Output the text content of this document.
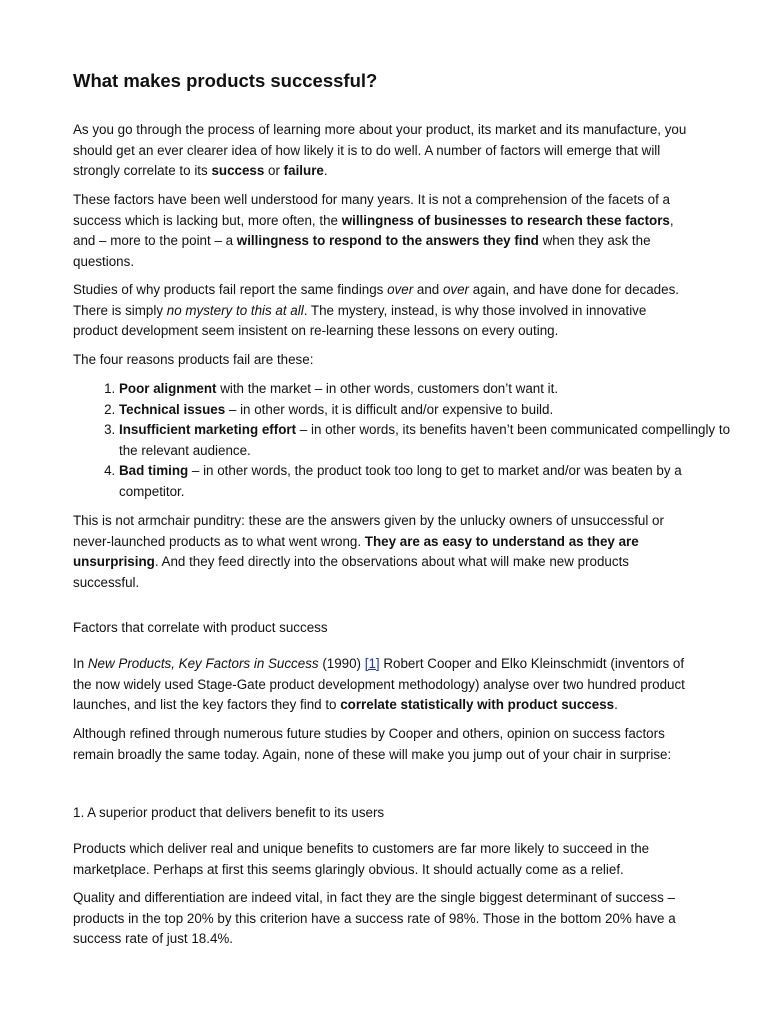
What makes products successful?

As you go through the process of learning more about your product, its market and its manufacture, you should get an ever clearer idea of how likely it is to do well. A number of factors will emerge that will strongly correlate to its success or failure.

These factors have been well understood for many years. It is not a comprehension of the facets of a success which is lacking but, more often, the willingness of businesses to research these factors, and – more to the point – a willingness to respond to the answers they find when they ask the questions.

Studies of why products fail report the same findings over and over again, and have done for decades. There is simply no mystery to this at all. The mystery, instead, is why those involved in innovative product development seem insistent on re-learning these lessons on every outing.

The four reasons products fail are these:

1. Poor alignment with the market – in other words, customers don’t want it.
2. Technical issues – in other words, it is difficult and/or expensive to build.
3. Insufficient marketing effort – in other words, its benefits haven’t been communicated compellingly to the relevant audience.
4. Bad timing – in other words, the product took too long to get to market and/or was beaten by a competitor.

This is not armchair punditry: these are the answers given by the unlucky owners of unsuccessful or never-launched products as to what went wrong. They are as easy to understand as they are unsurprising. And they feed directly into the observations about what will make new products successful.

Factors that correlate with product success

In New Products, Key Factors in Success (1990) [1] Robert Cooper and Elko Kleinschmidt (inventors of the now widely used Stage-Gate product development methodology) analyse over two hundred product launches, and list the key factors they find to correlate statistically with product success.

Although refined through numerous future studies by Cooper and others, opinion on success factors remain broadly the same today. Again, none of these will make you jump out of your chair in surprise:

1. A superior product that delivers benefit to its users

Products which deliver real and unique benefits to customers are far more likely to succeed in the marketplace. Perhaps at first this seems glaringly obvious. It should actually come as a relief.

Quality and differentiation are indeed vital, in fact they are the single biggest determinant of success – products in the top 20% by this criterion have a success rate of 98%. Those in the bottom 20% have a success rate of just 18.4%.
